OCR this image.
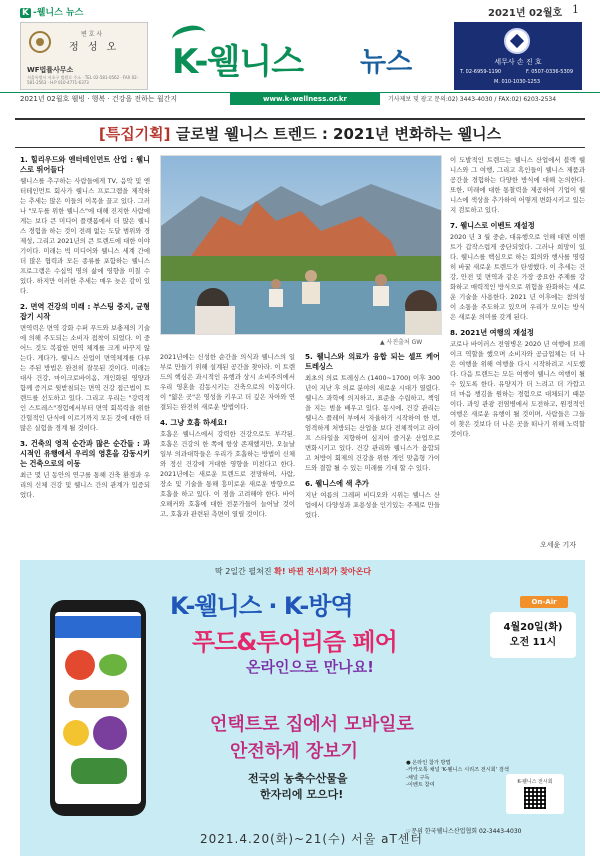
K -웰니스 뉴스	2021년 02월호 1
변 호 사
정 성 오
WF법률사무소
서울특별시 서초구 법원로 주소 · TEL 02-581-0562 · FAX 02-581-2563 · H.P 010-4771-6373
K-웰니스 뉴스	세무사 손 진 호
T. 02-6959-1190	F. 0507-0336-5309
M. 010-1030-1253
2021년 02월호 웰빙 · 행복 · 건강을 전하는 월간지	www.k-wellness.or.kr	기사제보 및 광고 문의:02) 3443-4030 / FAX:02) 6203-2534
[특집기획] 글로벌 웰니스 트렌드 : 2021년 변화하는 웰니스
1. 힐리우드와 엔터테인먼트 산업 : 웰니스로 뛰어들다

웰니스를 추구하는 사람들에게 TV, 음악 및 엔터테인먼트 회사가 웰니스 프로그램을 제작하는 추세는 많은 이들의 이목을 끌고 있다. 그러나 "모두를 위한 웰니스"에 대해 진지한 사람에게는 보다 큰 미디어 플랫폼에서 더 많은 웰니스 경험을 하는 것이 전례 없는 도달 범위와 경제성, 그리고 2021년의 큰 트렌드에 대한 이야기이다. 미래는 빅 미디어와 웰니스 세계 간에 더 많은 협력과 모든 종류를 포함하는 웰니스 프로그램은 수십억 명의 삶에 영향을 미칠 수 있다. 하지만 이러한 추세는 매우 늦은 감이 있다.

2. 면역 건강의 미래 : 부스팅 중지, 균형 잡기 시작

면역력은 면역 강화 수퍼 푸드와 보충제의 기술에 의해 주도되는 소비자 접착이 되었다. 이 중 어느 것도 복잡한 면역 체계를 크게 바꾸지 않는다. 게다가, 웰니스 산업이 면역체계를 다루는 주된 방법은 완전히 잘못된 것이다. 미래는 대사 건강, 마이크로바이옴, 개인화된 영양과 함께 증거로 뒷받침되는 면역 건강 접근법이 트렌드를 선도하고 있다. 그리고 우리는 "강력적인 스트레스"경험에서부터 면역 회복력을 위한 간헐적인 단식에 이르기까지 모든 것에 대한 더 많은 실험을 경계 될 것이다.

3. 건축의 영적 순간과 많은 순간들 : 과시적인 유행에서 우리의 영혼을 감동시키는 건축으로의 이동

최근 몇 년 동안의 연구를 통해 건축 환경과 우리의 신체 건강 및 웰니스 간의 관계가 입증되었다.

▲ 사진출처 GW

2021년에는 신성한 순간을 의식과 웰니스의 일부로 만들기 위해 설계된 공간을 찾아라. 이 트렌드의 핵심은 과시적인 유행과 상시 소비주의에서 우리 영혼을 감동시키는 건축으로의 이동이다. 이 "얇은 곳"은 영성을 키우고 더 깊은 자아와 연결되는 완전히 새로운 방법이다.

4. 그냥 호흡 하세요!

호흡은 웰니스에서 강력한 건강으로도 부각된. 호흡은 건강의 한 쪽에 항상 존재했지만, 오늘날 일부 의과대학들은 우리가 호흡하는 방법이 신체와 정신 건강에 거대한 영향을 미친다고 한다. 2021년에는 새로운 트렌드로 전망하여, 사람, 장소 및 기술을 통해 흥미로운 새로운 방향으로 호흡을 하고 있다. 이 점을 고려해야 한다. 바이오해커와 호흡에 대한 전문가들이 늘어날 것이고, 호흡과 관련된 측면이 열릴 것이다.

5. 웰니스와 의료가 융합 되는 셀프 케어 트레싱스

최초의 의료 트레싱스 (1400~1700) 이후 300 년이 지난 후 의료 분야의 새로운 시대가 열렸다. 웰니스 과학에 의지하고, 표준을 수립하고, 책임을 지는 범을 배우고 있다. 동시에, 건강 관리는 웰니스 플레어 부에서 자율하기 시작하여 한 번, 엄격하게 처방되는 산업을 보다 전체적이고 라이프 스타일을 지향하며 심지어 즐거운 산업으로 변화시키고 있다. 건강 관리와 웰니스가 융합되고 처방이 회제의 건강을 위한 개인 맞춤형 가이드와 결합 될 수 있는 미래를 기대 할 수 있다.

6. 웰니스에 색 추가

지난 여름의 그레퍼 비디오와 시위는 웰니스 산업에서 다양성과 포용성을 인기있는 주제로 만들었다.

이 도발적인 트렌드는 웰니스 산업에서 블랙 웰니스와 그 여행, 그리고 흑인들이 웰니스 제품과 공간을 경험하는 다양한 방식에 대해 논의한다. 또한, 미래에 대한 통찰력을 제공하여 기업이 웰니스에 색상을 추가하여 어떻게 변화시키고 있는지 검토하고 있다.

7. 웰니스로 이벤트 재설정

2020 년 3 월 중순, 대유행으로 인해 대면 이벤트가 갑작스럽게 중단되었다. 그러나 희망이 있다. 웰니스를 핵심으로 하는 회의와 행사를 명령히 바꿀 새로운 트렌드가 탄생했다. 이 추세는 건강, 안전 및 면역과 같은 가장 중요한 주제를 강화하고 매력적인 방식으로 위험을 완화하는 새로운 기술을 사용한다. 2021 년 이후에는 참의성이 소통을 주도하고 있으며 우리가 모이는 방식은 새로운 의미를 갖게 된다.

8. 2021년 여행의 재설정

코로나 바이러스 전염병은 2020 년 여행에 브레이크 역할을 했으며 소비자와 공급업체는 더 나은 여행을 위해 여행을 다시 시작하려고 시도했다. 다음 트렌드는 모든 여행이 웰니스 여행이 될 수 있도록 한다. 유양지가 더 느려고 더 가깝고 더 마음 챙김을 원하는 경험으로 대체되기 때문이다. 과잉 관광 전염병에서 도전하고, 원정적인 여행은 새로운 유행이 될 것이며, 사람들은 그들이 찾은 것보다 더 나은 곳을 떠나기 위해 노력할 것이다.

오세윤 기자
딱 2일간 펼쳐진 확! 바뀐 전시회가 찾아온다
K-웰니스 · K-방역
푸드&투어리즘 페어
온라인으로 만나요!
언택트로 집에서 모바일로
안전하게 장보기
전국의 농축수산물을
한자리에 모으다!
On-Air
4월20일(화)
오전 11시
● 온라인 참가 방법
-카카오톡 채널 'K-웰니스 시리즈 전시회' 검색
-채널 구독
-이벤트 참여
K-웰니스 전시회
☞문의 한국웰니스산업협회 02-3443-4030
2021.4.20(화)~21(수) 서울 aT센터
